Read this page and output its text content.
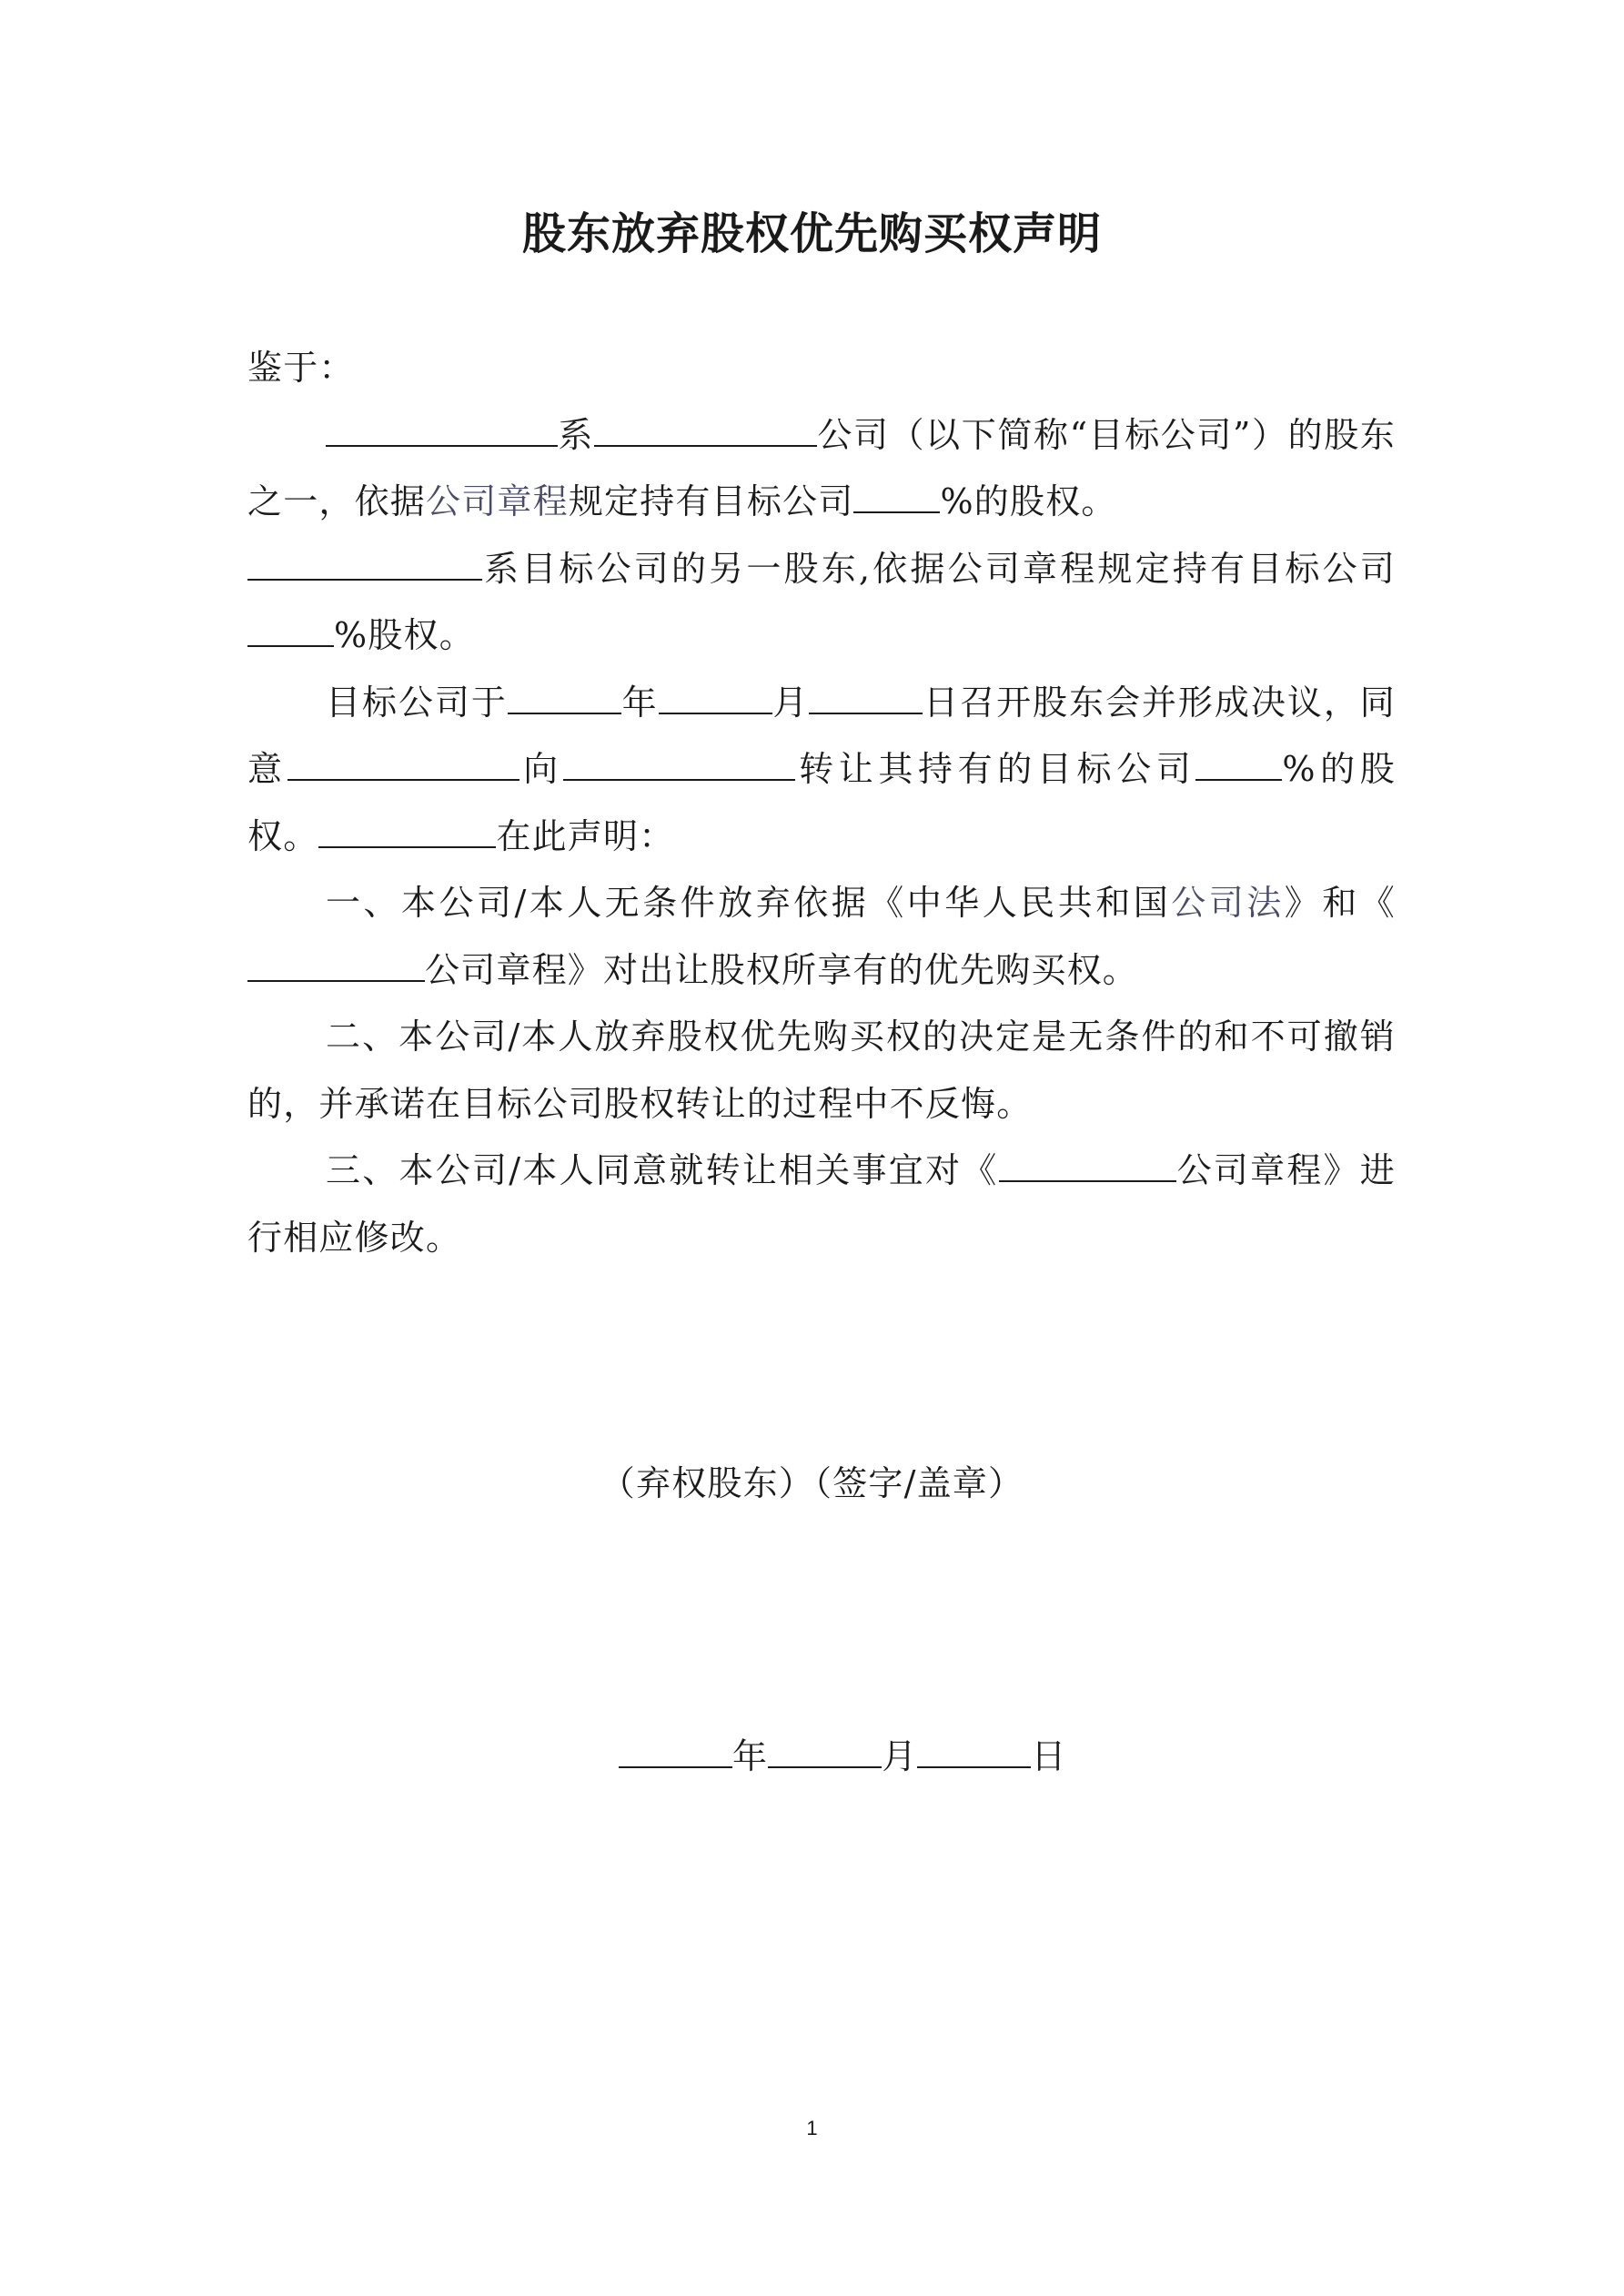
股东放弃股权优先购买权声明

鉴于：

系	公司（以下简称“目标公司”）的股东之一，依据公司章程规定持有目标公司	%的股权。

系目标公司的另一股东,依据公司章程规定持有目标公司%股权。

目标公司于	年	月	日召开股东会并形成决议，同意	向	转让其持有的目标公司	%的股权。	在此声明：

一、本公司/本人无条件放弃依据《中华人民共和国公司法》和《公司章程》对出让股权所享有的优先购买权。

二、本公司/本人放弃股权优先购买权的决定是无条件的和不可撤销的，并承诺在目标公司股权转让的过程中不反悔。

三、本公司/本人同意就转让相关事宜对《	公司章程》进行相应修改。

（弃权股东）（签字/盖章）
年	月	日
1
